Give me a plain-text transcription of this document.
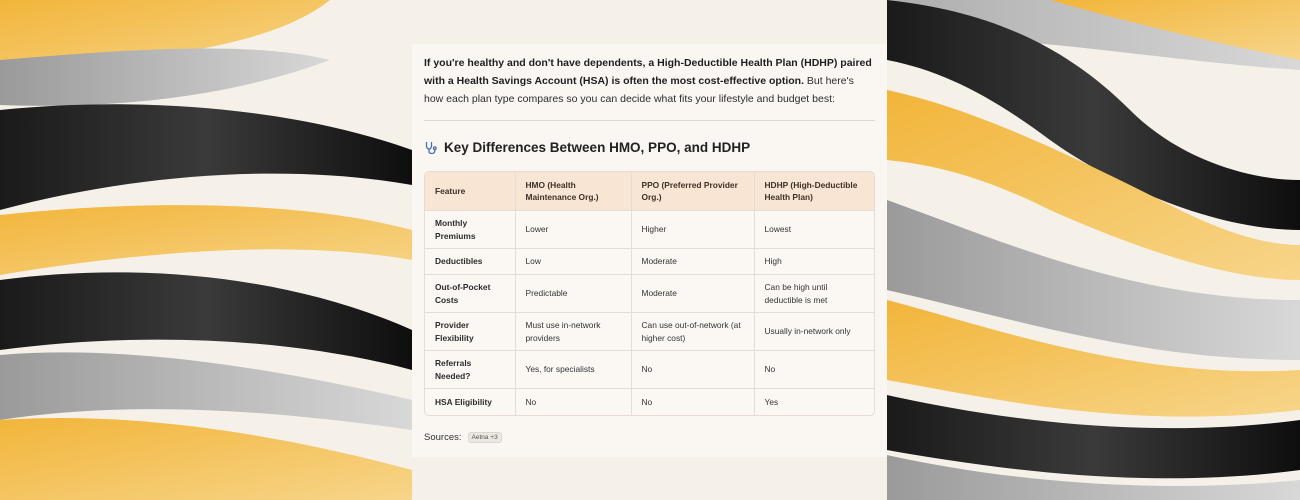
If you're healthy and don't have dependents, a High-Deductible Health Plan (HDHP) paired with a Health Savings Account (HSA) is often the most cost-effective option. But here's how each plan type compares so you can decide what fits your lifestyle and budget best:

Key Differences Between HMO, PPO, and HDHP
Feature	HMO (Health Maintenance Org.)	PPO (Preferred Provider Org.)	HDHP (High-Deductible Health Plan)
Monthly Premiums	Lower	Higher	Lowest
Deductibles	Low	Moderate	High
Out-of-Pocket Costs	Predictable	Moderate	Can be high until deductible is met
Provider Flexibility	Must use in-network providers	Can use out-of-network (at higher cost)	Usually in-network only
Referrals Needed?	Yes, for specialists	No	No
HSA Eligibility	No	No	Yes
Sources:	Aetna +3
